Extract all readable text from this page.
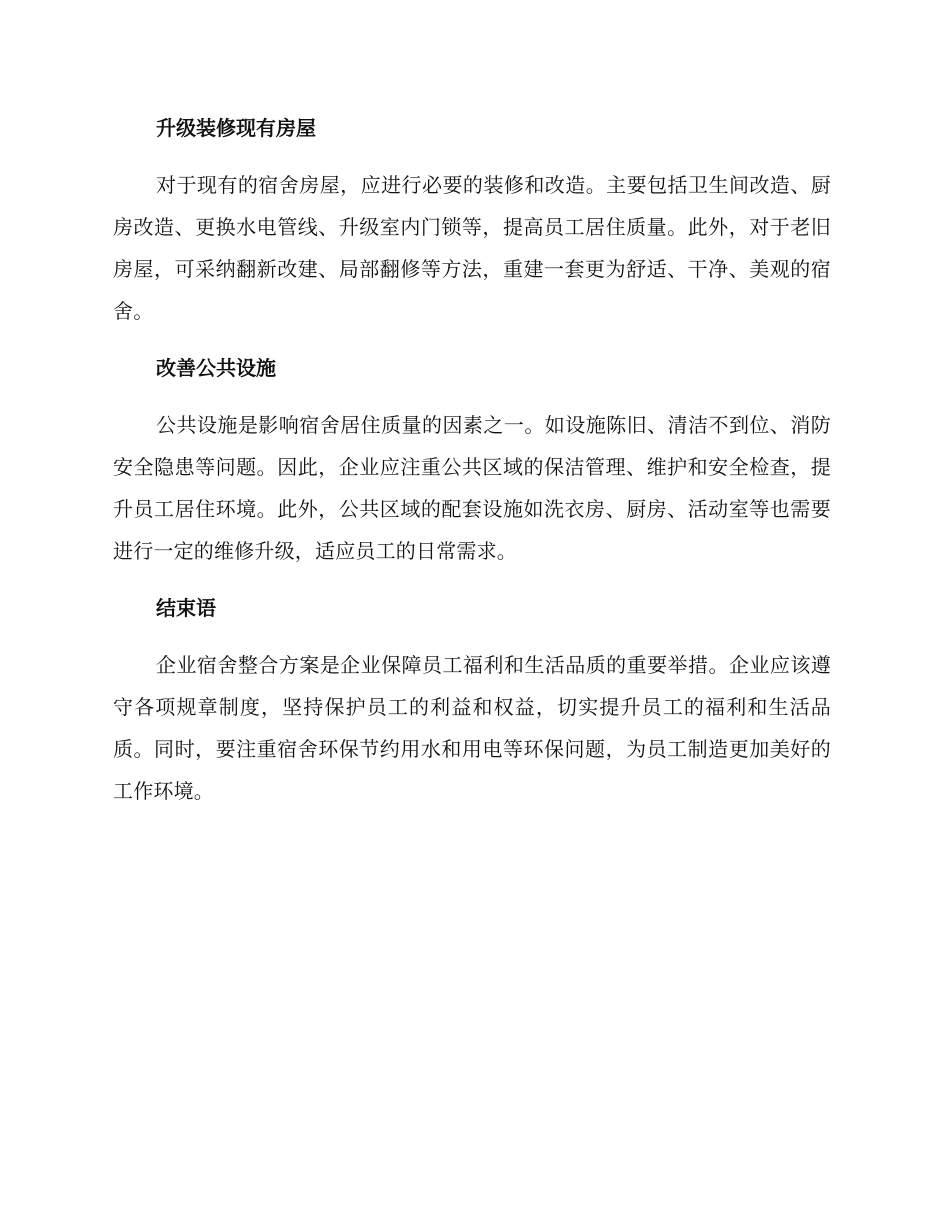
升级装修现有房屋

对于现有的宿舍房屋，应进行必要的装修和改造。主要包括卫生间改造、厨房改造、更换水电管线、升级室内门锁等，提高员工居住质量。此外，对于老旧房屋，可采纳翻新改建、局部翻修等方法，重建一套更为舒适、干净、美观的宿舍。

改善公共设施

公共设施是影响宿舍居住质量的因素之一。如设施陈旧、清洁不到位、消防安全隐患等问题。因此，企业应注重公共区域的保洁管理、维护和安全检查，提升员工居住环境。此外，公共区域的配套设施如洗衣房、厨房、活动室等也需要进行一定的维修升级，适应员工的日常需求。

结束语

企业宿舍整合方案是企业保障员工福利和生活品质的重要举措。企业应该遵守各项规章制度，坚持保护员工的利益和权益，切实提升员工的福利和生活品质。同时，要注重宿舍环保节约用水和用电等环保问题，为员工制造更加美好的工作环境。
